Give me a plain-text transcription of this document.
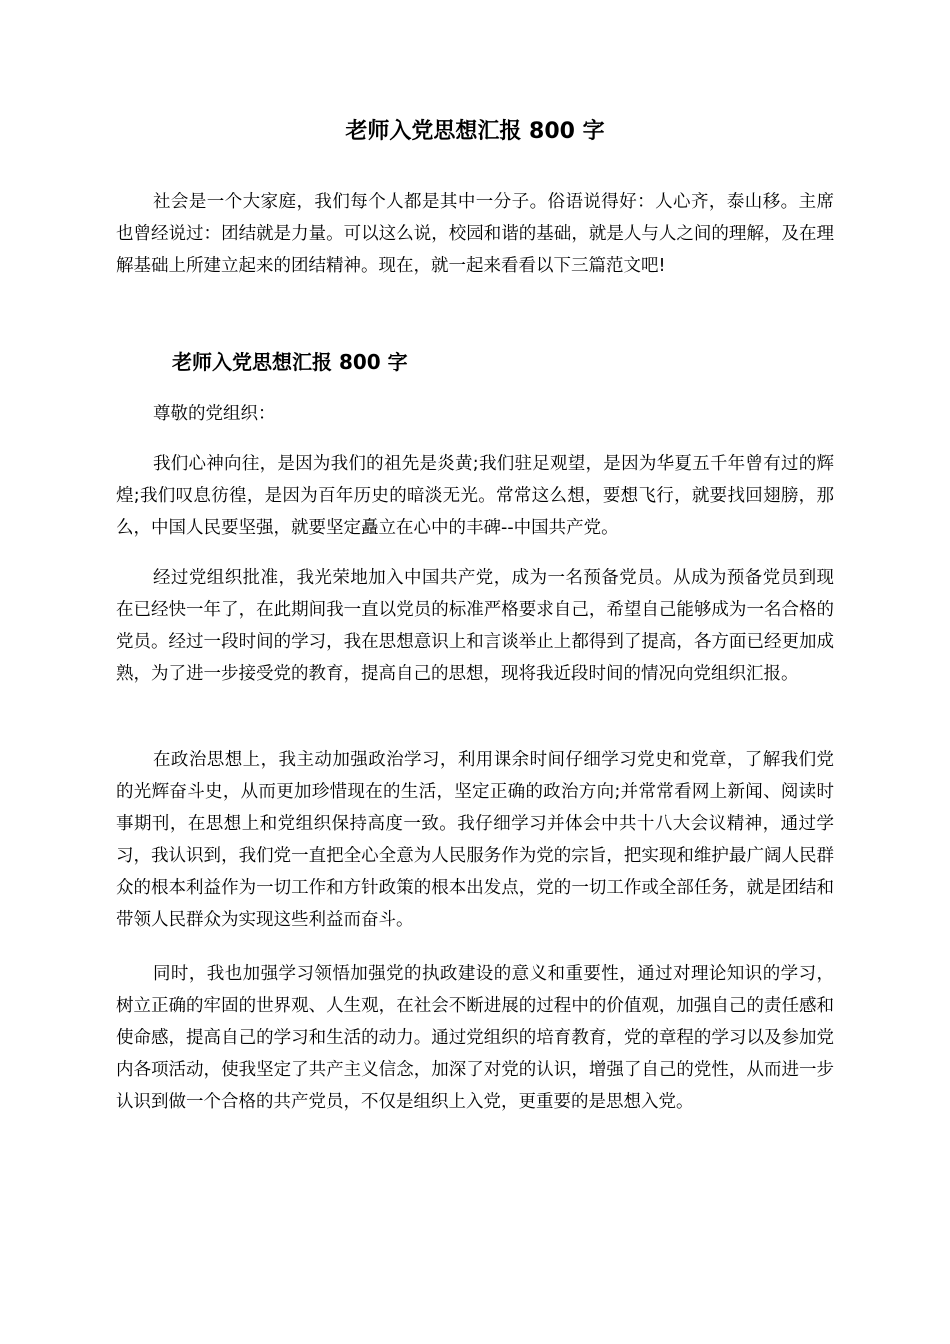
老师入党思想汇报 800 字

社会是一个大家庭，我们每个人都是其中一分子。俗语说得好：人心齐，泰山移。主席也曾经说过：团结就是力量。可以这么说，校园和谐的基础，就是人与人之间的理解，及在理解基础上所建立起来的团结精神。现在，就一起来看看以下三篇范文吧!

老师入党思想汇报 800 字

尊敬的党组织：

我们心神向往，是因为我们的祖先是炎黄;我们驻足观望，是因为华夏五千年曾有过的辉煌;我们叹息彷徨，是因为百年历史的暗淡无光。常常这么想，要想飞行，就要找回翅膀，那么，中国人民要坚强，就要坚定矗立在心中的丰碑--中国共产党。

经过党组织批准，我光荣地加入中国共产党，成为一名预备党员。从成为预备党员到现在已经快一年了，在此期间我一直以党员的标准严格要求自己，希望自己能够成为一名合格的党员。经过一段时间的学习，我在思想意识上和言谈举止上都得到了提高，各方面已经更加成熟，为了进一步接受党的教育，提高自己的思想，现将我近段时间的情况向党组织汇报。

在政治思想上，我主动加强政治学习，利用课余时间仔细学习党史和党章，了解我们党的光辉奋斗史，从而更加珍惜现在的生活，坚定正确的政治方向;并常常看网上新闻、阅读时事期刊，在思想上和党组织保持高度一致。我仔细学习并体会中共十八大会议精神，通过学习，我认识到，我们党一直把全心全意为人民服务作为党的宗旨，把实现和维护最广阔人民群众的根本利益作为一切工作和方针政策的根本出发点，党的一切工作或全部任务，就是团结和带领人民群众为实现这些利益而奋斗。

同时，我也加强学习领悟加强党的执政建设的意义和重要性，通过对理论知识的学习，树立正确的牢固的世界观、人生观，在社会不断进展的过程中的价值观，加强自己的责任感和使命感，提高自己的学习和生活的动力。通过党组织的培育教育，党的章程的学习以及参加党内各项活动，使我坚定了共产主义信念，加深了对党的认识，增强了自己的党性，从而进一步认识到做一个合格的共产党员，不仅是组织上入党，更重要的是思想入党。
